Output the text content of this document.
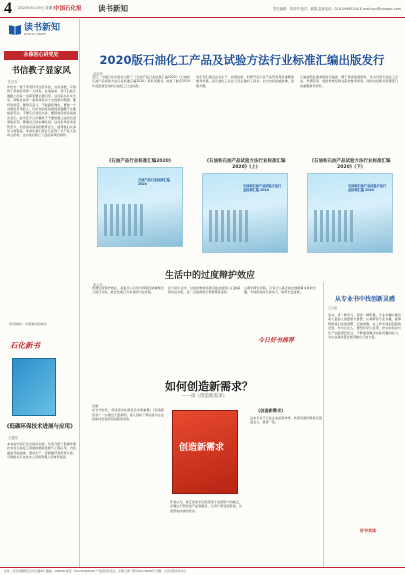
4 2020年6月19日 星期五
中国石化报 读书新知	责任编辑：刘卓华 版式：黄露 监督电话：010-59963240 E-mail:syx@sinopec.com
读书新知
DUSHU XINZHI
永葆初心讲党史
书信教子显家风
孔庆东
许世友一辈子用笔杆写过很多信，言传身教，写信教子是他家风的一大特色。在他看来，孩子们成长道路上的每一步都需要正确引导。这些家书朴实无华，却饱含着老一辈革命家对子女的殷切期望：要听党的话，要艰苦奋斗，不能搞特殊化，要做一个对国家有用的人。许世友的家信里经常提醒子女要热爱劳动，不要忘记农民出身，要经常回老家看看乡亲们。信中还专门叮嘱孩子不要依靠父亲的名望谋取私利，要靠自己的本事吃饭。这些家风家训流传至今，仍然具有深刻的教育意义，值得我们认真学习和借鉴。革命先辈们用言行诠释了共产党人的初心使命，也为我们树立了良好家风的榜样。
（作者单位：中原油田某单位）
石化新书
《低碳环保技术进展与应用》
王建国
本书由中国石化出版社出版，系统介绍了低碳环保技术在石油化工领域的最新进展与工程应用，内容涵盖节能减排、清洁生产、资源循环利用等方面，可供相关专业技术人员和管理人员参考阅读。
2020版石油化工产品及试验方法行业标准汇编出版发行
孙乐萍
近日，中国石化出版社出版了《石油产品行业标准汇编2020》《石油和石油产品试验方法行业标准汇编2020》等系列图书，收录了截至2019年底批准发布的石油化工行业标准。
该系列汇编对企业生产、质量检验、科研开发以及产品贸易具有重要的参考价值，是石油化工从业人员必备的工具书。全书内容权威准确，查阅方便。
汇编按照标准类别进行编排，便于读者查阅使用。该书可供石油化工企业、科研院所、质检机构及相关院校参考使用，同时也是相关管理部门的重要参考资料。
《石油产品行业标准汇编2020》
石油产品行业标准汇编 2020
《石油和石油产品试验方法行业标准汇编2020》(上)
石油和石油产品试验方法行业标准汇编 2020
《石油和石油产品试验方法行业标准汇编2020》(下)
石油和石油产品试验方法行业标准汇编 2020
生活中的过度辩护效应
张心玲
所谓过度辩护效应，是指当人们用外部原因来解释自己的行为时，就会忽视行为本身的内在价值。
在日常生活中，过度的物质奖励可能会削弱人们做事的内在动机，这一点值得家长和管理者深思。
心理学研究表明，只有让人真正体会到做事本身的乐趣，才能形成持久的动力，取得长远成效。
今日好书推荐
从专业书中找创新灵感
王志强
读书，是一种学习，更是一种积累。专业书籍中蕴含着大量前人的经验与智慧，认真研读专业书籍，能够帮助我们拓宽视野、启迪思维，在工作中找到创新的灵感。作为石化人，要坚持学以致用，把书本知识与生产实践紧密结合，不断提高解决实际问题的能力，为企业高质量发展贡献自己的力量。
好书共读
如何创造新需求？
——读《创造新需求》
吕晓
在当今时代，创造需求比满足需求更重要。《创造新需求》一书通过大量案例，深入剖析了那些成功企业是如何发现并创造新需求的。
创造新需求
《创造新需求》
作者认为，真正的需求创造者善于发现用户的痛点，并通过不断改进产品和服务，让用户感受到价值，从而形成持续的需求。
这本书对于石化企业拓展市场、转型发展同样具有借鉴意义，值得一读。
社址：北京市朝阳区吉市口路9号 邮编：100020 电话：010-59963240 广告经营许可证：京朝工商广登字20170058号 印刷：人民日报印务中心
